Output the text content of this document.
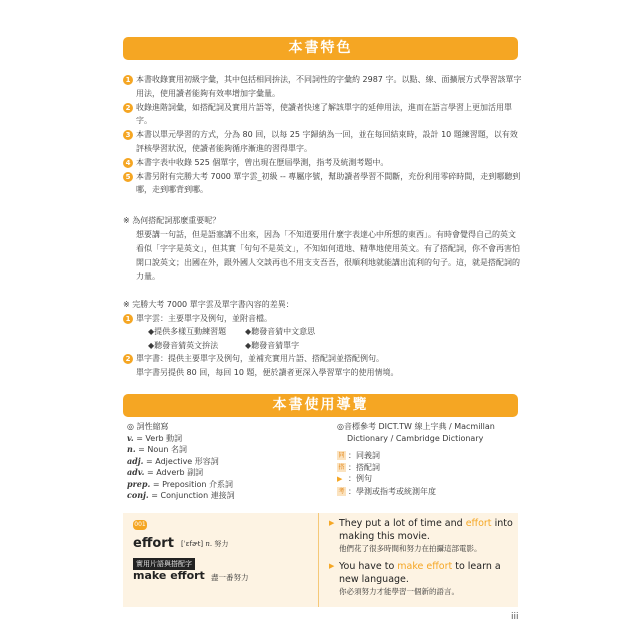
本書特色
1 本書收錄實用初級字彙，其中包括相同拚法，不同詞性的字彙約 2987 字。以點、線、面擴展方式學習該單字用法，使用讀者能夠有效率增加字彙量。
2 收錄進階詞彙，如搭配詞及實用片語等，使讀者快速了解該單字的延伸用法，進而在語言學習上更加活用單字。
3 本書以單元學習的方式，分為 80 回，以每 25 字歸納為一回，並在每回結束時，設計 10 題練習題，以有效評核學習狀況，使讀者能夠循序漸進的習得單字。
4 本書字表中收錄 525 個單字，曾出現在歷屆學測，指考及統測考題中。
5 本書另附有完勝大考 7000 單字雲_初級 -- 專屬序號，幫助讀者學習不間斷，充份利用零碎時間，走到哪聽到哪，走到哪背到哪。
※ 為何搭配詞那麼重要呢？
想要講一句話，但是語塞講不出來，因為「不知道要用什麼字表達心中所想的東西」。有時會覺得自己的英文看似「字字是英文」，但其實「句句不是英文」，不知如何道地、精準地使用英文。有了搭配詞，你不會再害怕開口說英文；出國在外，跟外國人交談再也不用支支吾吾，很順利地就能講出流利的句子。這，就是搭配詞的力量。
※ 完勝大考 7000 單字雲及單字書內容的差異：
1 單字雲：主要單字及例句，並附音檔。
◆提供多樣互動練習題	◆聽發音猜中文意思
◆聽發音猜英文拚法	◆聽發音猜單字
2 單字書：提供主要單字及例句，並補充實用片語、搭配詞並搭配例句。
單字書另提供 80 回，每回 10 題，便於讀者更深入學習單字的使用情境。
本書使用導覽
◎ 詞性縮寫
v. = Verb 動詞
n. = Noun 名詞
adj. = Adjective 形容詞
adv. = Adverb 副詞
prep. = Preposition 介系詞
conj. = Conjunction 連接詞
◎音標參考 DICT.TW 線上字典 / Macmillan
Dictionary / Cambridge Dictionary
同 ：同義詞
搭 ：搭配詞
▶ ：例句
考 ：學測或指考或統測年度
001
effort [ˈɛfɚt] n. 努力
實用片語與搭配字
make effort 盡一番努力
▶ They put a lot of time and effort into making this movie.
他們花了很多時間和努力在拍攝這部電影。
▶ You have to make effort to learn a new language.
你必須努力才能學習一個新的語言。
iii
